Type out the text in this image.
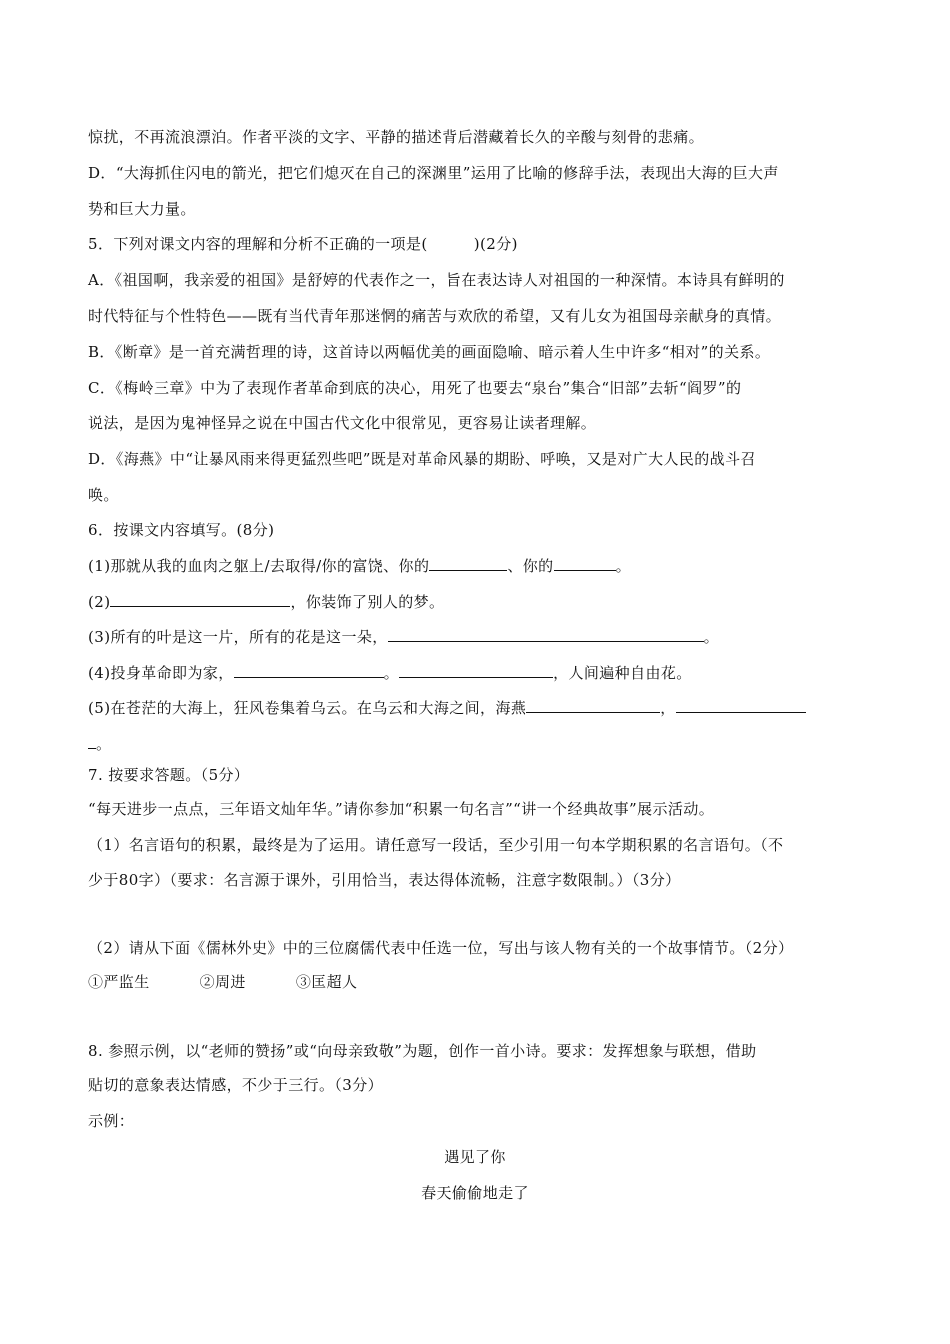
惊扰，不再流浪漂泊。作者平淡的文字、平静的描述背后潜藏着长久的辛酸与刻骨的悲痛。
D．“大海抓住闪电的箭光，把它们熄灭在自己的深渊里”运用了比喻的修辞手法，表现出大海的巨大声
势和巨大力量。
5．下列对课文内容的理解和分析不正确的一项是(　　　)(2分)
A．《祖国啊，我亲爱的祖国》是舒婷的代表作之一，旨在表达诗人对祖国的一种深情。本诗具有鲜明的
时代特征与个性特色——既有当代青年那迷惘的痛苦与欢欣的希望，又有儿女为祖国母亲献身的真情。
B．《断章》是一首充满哲理的诗，这首诗以两幅优美的画面隐喻、暗示着人生中许多“相对”的关系。
C．《梅岭三章》中为了表现作者革命到底的决心，用死了也要去“泉台”集合“旧部”去斩“阎罗”的
说法，是因为鬼神怪异之说在中国古代文化中很常见，更容易让读者理解。
D．《海燕》中“让暴风雨来得更猛烈些吧”既是对革命风暴的期盼、呼唤，又是对广大人民的战斗召
唤。
6．按课文内容填写。(8分)
(1)那就从我的血肉之躯上/去取得/你的富饶、你的	、你的	。
(2)	，你装饰了别人的梦。
(3)所有的叶是这一片，所有的花是这一朵，	。
(4)投身革命即为家，	。	，人间遍种自由花。
(5)在苍茫的大海上，狂风卷集着乌云。在乌云和大海之间，海燕	，
。
7. 按要求答题。（5分）
“每天进步一点点，三年语文灿年华。”请你参加“积累一句名言”“讲一个经典故事”展示活动。
（1）名言语句的积累，最终是为了运用。请任意写一段话，至少引用一句本学期积累的名言语句。（不
少于80字）（要求：名言源于课外，引用恰当，表达得体流畅，注意字数限制。）（3分）
（2）请从下面《儒林外史》中的三位腐儒代表中任选一位，写出与该人物有关的一个故事情节。（2分）
①严监生	②周进	③匡超人
8. 参照示例，以“老师的赞扬”或“向母亲致敬”为题，创作一首小诗。要求：发挥想象与联想，借助
贴切的意象表达情感，不少于三行。（3分）
示例：
遇见了你
春天偷偷地走了
